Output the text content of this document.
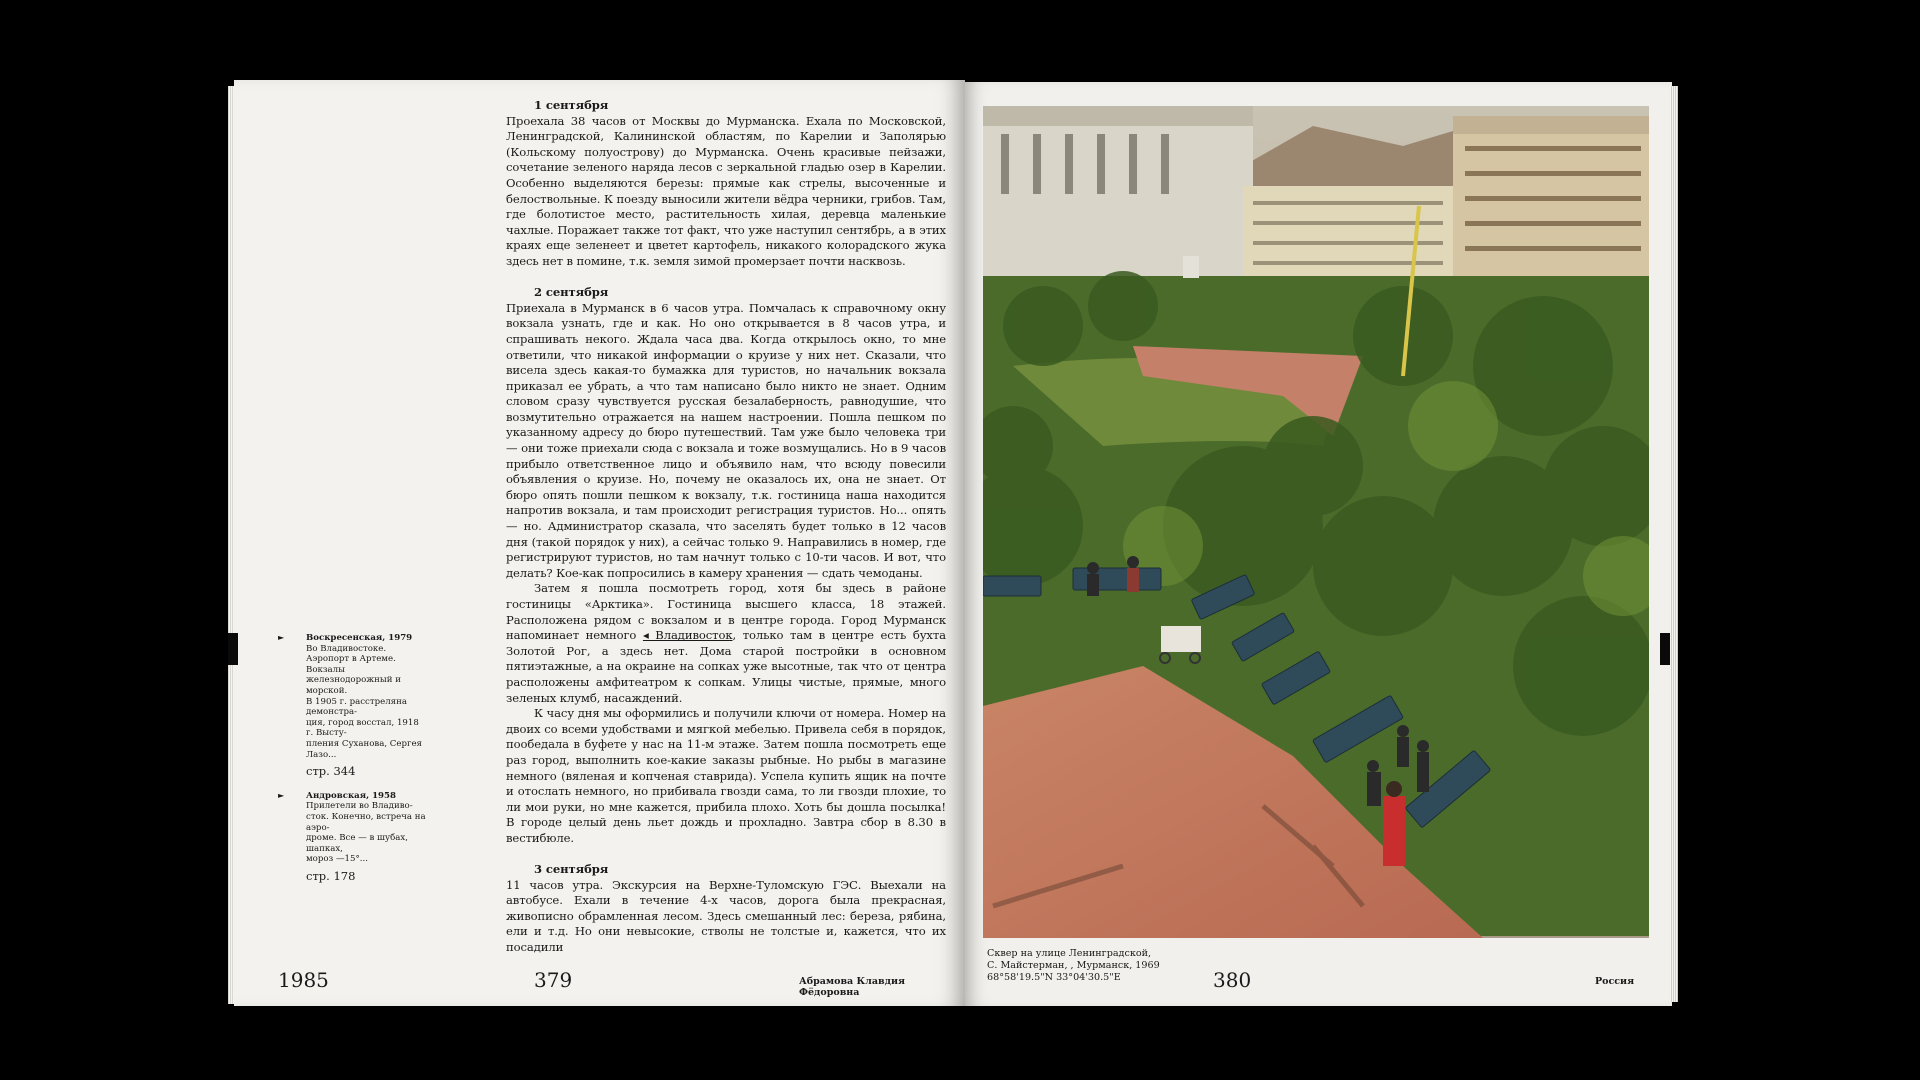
1 сентября

Проехала 38 часов от Москвы до Мурманска. Ехала по Московской, Ленинградской, Калининской областям, по Карелии и Заполярью (Кольскому полуострову) до Мурманска. Очень красивые пейзажи, сочетание зеленого наряда лесов с зеркальной гладью озер в Карелии. Особенно выделяются березы: прямые как стрелы, высоченные и белоствольные. К поезду выносили жители вёдра черники, грибов. Там, где болотистое место, растительность хилая, деревца маленькие чахлые. Поражает также тот факт, что уже наступил сентябрь, а в этих краях еще зеленеет и цветет картофель, никакого колорадского жука здесь нет в помине, т.к. земля зимой промерзает почти насквозь.

2 сентября

Приехала в Мурманск в 6 часов утра. Помчалась к справочному окну вокзала узнать, где и как. Но оно открывается в 8 часов утра, и спрашивать некого. Ждала часа два. Когда открылось окно, то мне ответили, что никакой информации о круизе у них нет. Сказали, что висела здесь какая-то бумажка для туристов, но начальник вокзала приказал ее убрать, а что там написано было никто не знает. Одним словом сразу чувствуется русская безалаберность, равнодушие, что возмутительно отражается на нашем настроении. Пошла пешком по указанному адресу до бюро путешествий. Там уже было человека три — они тоже приехали сюда с вокзала и тоже возмущались. Но в 9 часов прибыло ответственное лицо и объявило нам, что всюду повесили объявления о круизе. Но, почему не оказалось их, она не знает. От бюро опять пошли пешком к вокзалу, т.к. гостиница наша находится напротив вокзала, и там происходит регистрация туристов. Но... опять — но. Администратор сказала, что заселять будет только в 12 часов дня (такой порядок у них), а сейчас только 9. Направились в номер, где регистрируют туристов, но там начнут только с 10-ти часов. И вот, что делать? Кое-как попросились в камеру хранения — сдать чемоданы.

Затем я пошла посмотреть город, хотя бы здесь в районе гостиницы «Арктика». Гостиница высшего класса, 18 этажей. Расположена рядом с вокзалом и в центре города. Город Мурманск напоминает немного ◂ Владивосток, только там в центре есть бухта Золотой Рог, а здесь нет. Дома старой постройки в основном пятиэтажные, а на окраине на сопках уже высотные, так что от центра расположены амфитеатром к сопкам. Улицы чистые, прямые, много зеленых клумб, насаждений.

К часу дня мы оформились и получили ключи от номера. Номер на двоих со всеми удобствами и мягкой мебелью. Привела себя в порядок, пообедала в буфете у нас на 11-м этаже. Затем пошла посмотреть еще раз город, выполнить кое-какие заказы рыбные. Но рыбы в магазине немного (вяленая и копченая ставрида). Успела купить ящик на почте и отослать немного, но прибивала гвозди сама, то ли гвозди плохие, то ли мои руки, но мне кажется, прибила плохо. Хоть бы дошла посылка! В городе целый день льет дождь и прохладно. Завтра сбор в 8.30 в вестибюле.

3 сентября

11 часов утра. Экскурсия на Верхне-Туломскую ГЭС. Выехали на автобусе. Ехали в течение 4-х часов, дорога была прекрасная, живописно обрамленная лесом. Здесь смешанный лес: береза, рябина, ели и т.д. Но они невысокие, стволы не толстые и, кажется, что их посадили

►	Воскресенская, 1979
Во Владивостоке.
Аэропорт в Артеме. Вокзалы
железнодорожный и морской.
В 1905 г. расстреляна демонстра-
ция, город восстал, 1918 г. Высту-
пления Суханова, Сергея Лазо...
стр. 344
►	Андровская, 1958
Прилетели во Владиво-
сток. Конечно, встреча на аэро-
дроме. Все — в шубах, шапках,
мороз —15°...
стр. 178
1985	379	Абрамова Клавдия Фёдоровна
Сквер на улице Ленинградской,
С. Майстерман, , Мурманск, 1969
68°58'19.5"N 33°04'30.5"E	380	Россия
